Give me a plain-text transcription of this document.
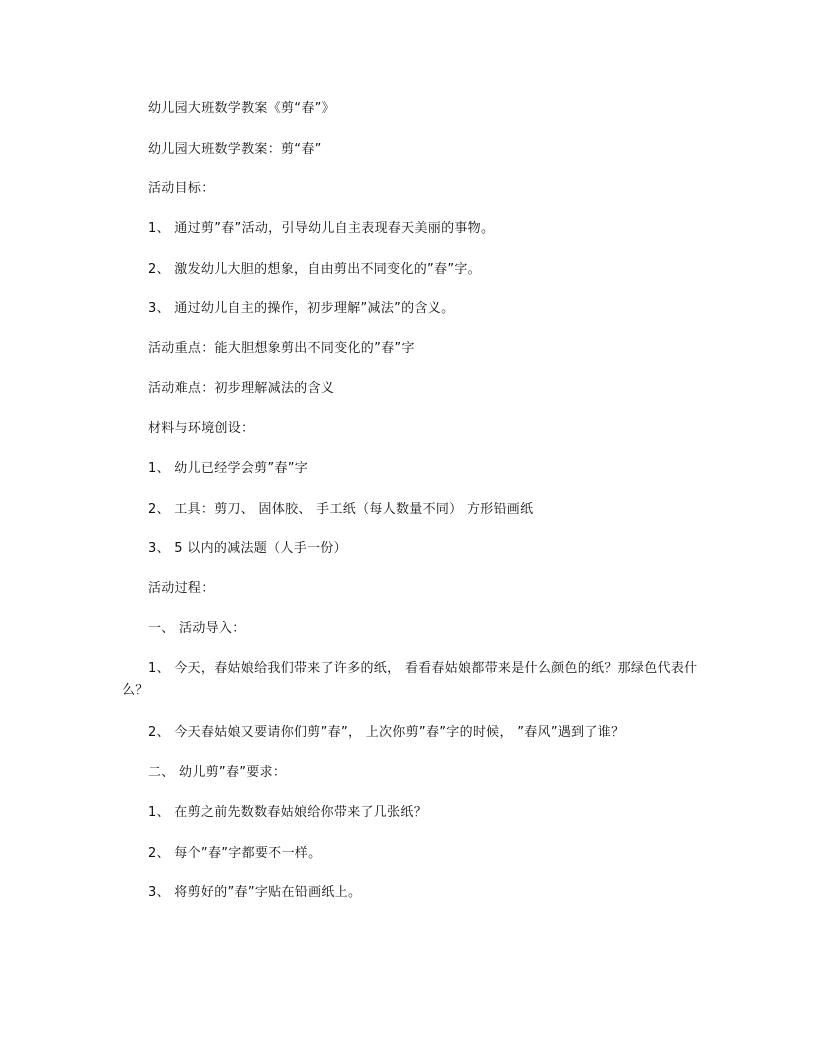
幼儿园大班数学教案《剪“春”》
幼儿园大班数学教案：剪“春”
活动目标：
1、 通过剪”春”活动，引导幼儿自主表现春天美丽的事物。
2、 激发幼儿大胆的想象，自由剪出不同变化的”春”字。
3、 通过幼儿自主的操作，初步理解”减法”的含义。
活动重点：能大胆想象剪出不同变化的”春”字
活动难点：初步理解减法的含义
材料与环境创设：
1、 幼儿已经学会剪”春”字
2、 工具：剪刀、 固体胶、 手工纸（每人数量不同） 方形铅画纸
3、 5 以内的减法题（人手一份）
活动过程：
一、 活动导入：
1、 今天，春姑娘给我们带来了许多的纸， 看看春姑娘都带来是什么颜色的纸？那绿色代表什么？
2、 今天春姑娘又要请你们剪”春”， 上次你剪”春”字的时候， ”春风”遇到了谁？
二、 幼儿剪”春”要求：
1、 在剪之前先数数春姑娘给你带来了几张纸？
2、 每个”春”字都要不一样。
3、 将剪好的”春”字贴在铅画纸上。
